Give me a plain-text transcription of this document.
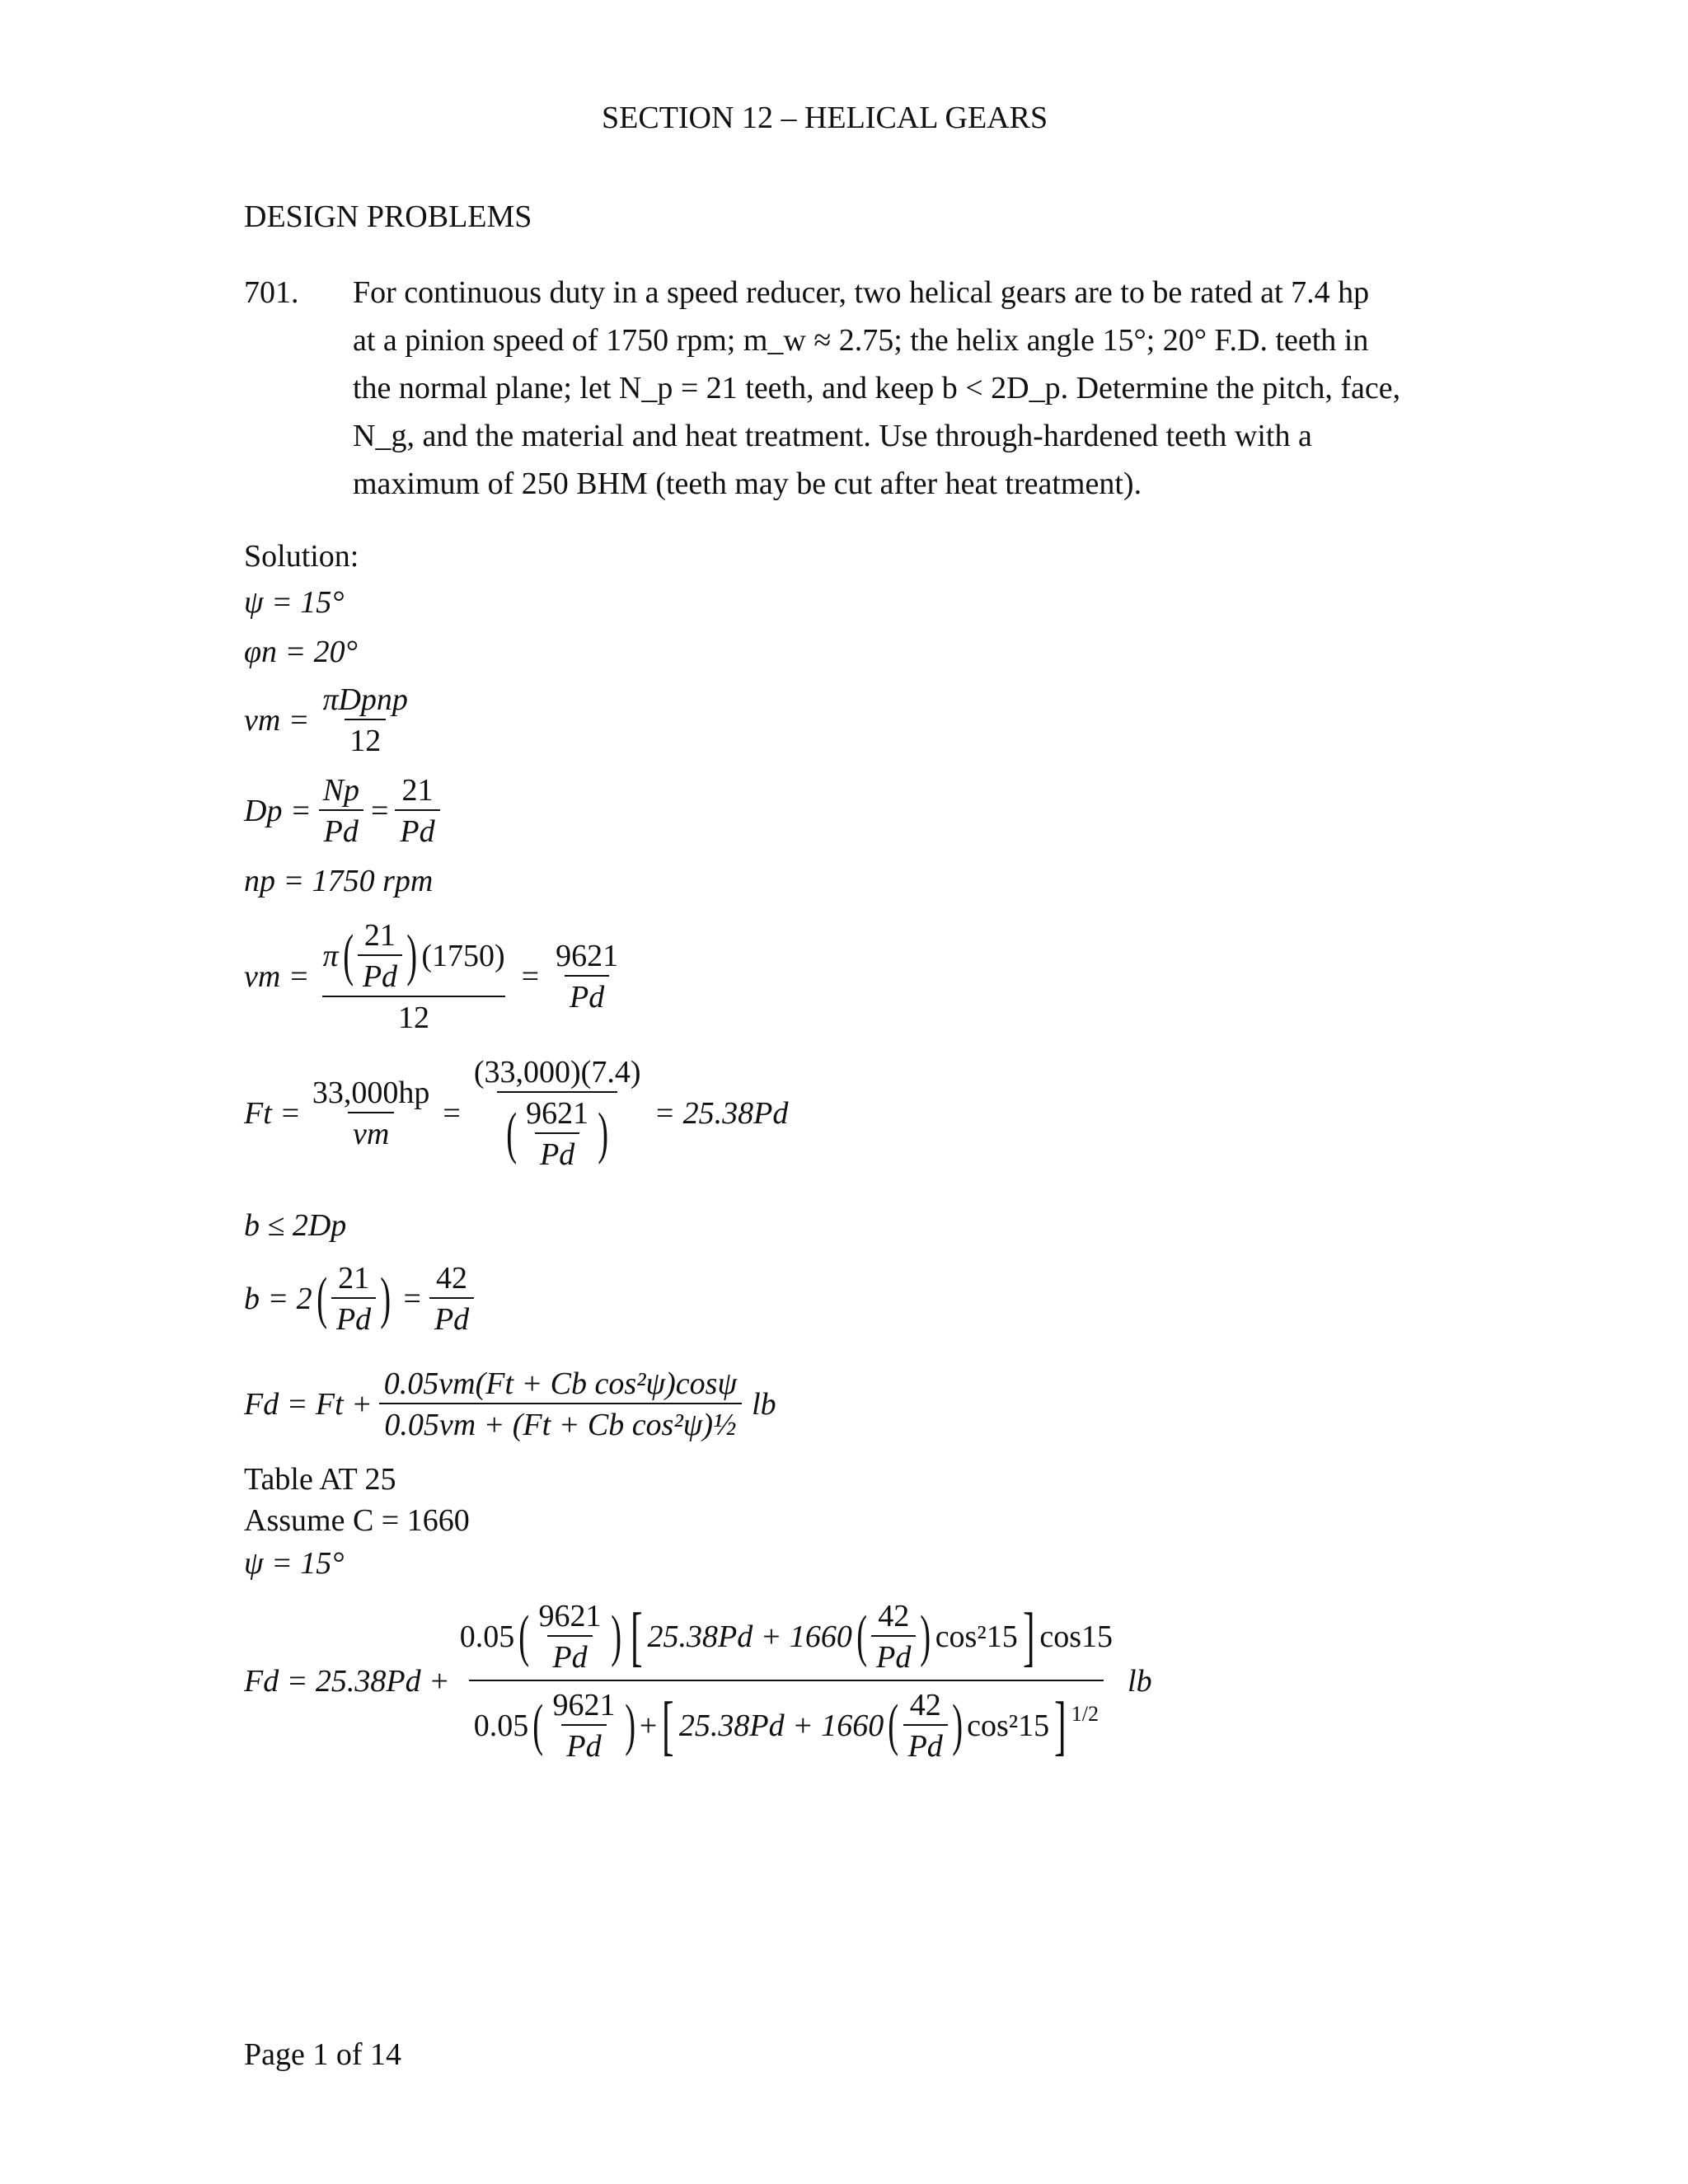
SECTION 12 – HELICAL GEARS
DESIGN PROBLEMS
701. For continuous duty in a speed reducer, two helical gears are to be rated at 7.4 hp
at a pinion speed of 1750 rpm; m_w ≈ 2.75; the helix angle 15°; 20° F.D. teeth in
the normal plane; let N_p = 21 teeth, and keep b < 2D_p. Determine the pitch, face,
N_g, and the material and heat treatment. Use through-hardened teeth with a
maximum of 250 BHM (teeth may be cut after heat treatment).
Solution:
ψ = 15°
φn = 20°
vm = $\frac{\text{πDpnp}}{12}$
$Dp = \frac{Np}{Pd} = \frac{21}{Pd}$
np = 1750 rpm
vm = $\frac{\pi ( \frac{21}{Pd} ) (1750)}{12} = \frac{9621}{Pd}$
$Ft = \frac{33,000hp}{vm} = \frac{(33,000)(7.4)}{( \frac{9621}{Pd} )} = 25.38Pd$
b ≤ 2Dp
b = 2 ( $\frac{21}{Pd}$ ) = $\frac{42}{Pd}$
$Fd = Ft + \frac{\text{0.05vm(Ft + Cb cos²ψ)cosψ}}{\text{0.05vm + (Ft + Cb cos²ψ)½}}$ lb
Table AT 25
Assume C = 1660
ψ = 15°
Fd = 25.38Pd +
0.05 ( $\frac{9621}{Pd}$ ) [ 25.38Pd + 1660 ( $\frac{42}{Pd}$ ) cos²15 ] cos15
0.05 ( $\frac{9621}{Pd}$ ) + [ 25.38Pd + 1660 ( $\frac{42}{Pd}$ ) cos²15 ] 1/2
lb
Page 1 of 14
